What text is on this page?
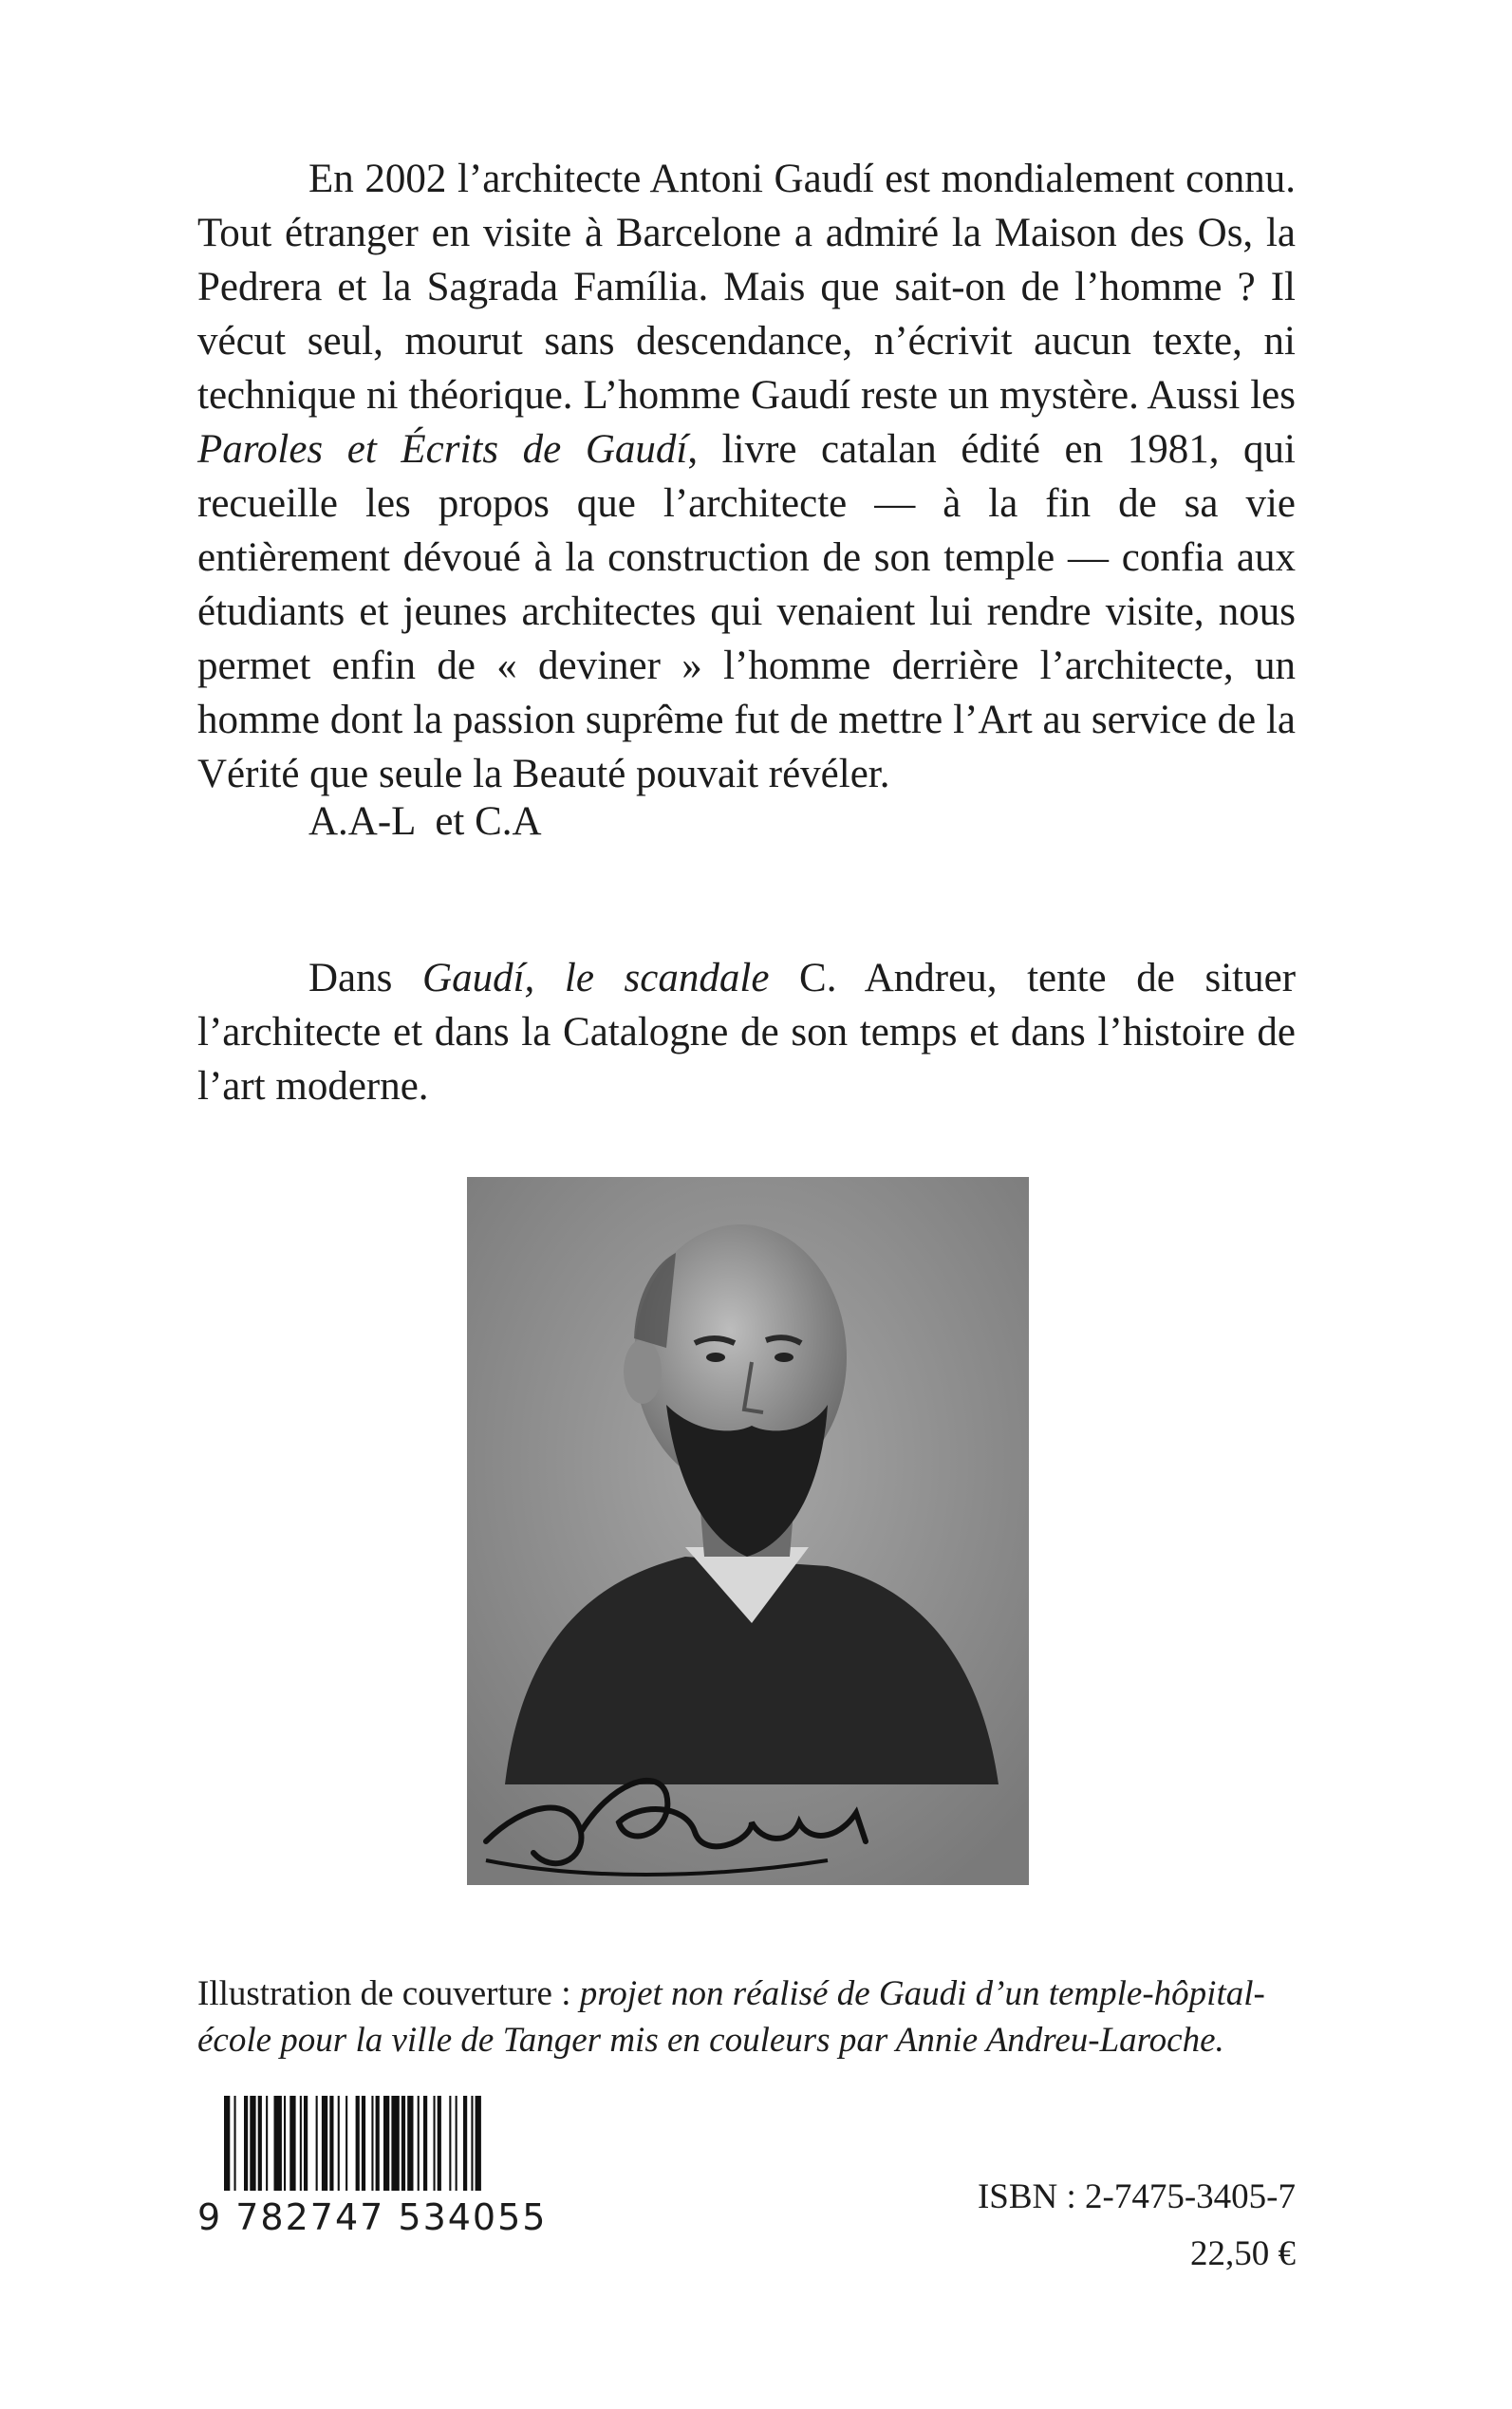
En 2002 l’architecte Antoni Gaudí est mondialement connu. Tout étranger en visite à Barcelone a admiré la Maison des Os, la Pedrera et la Sagrada Família. Mais que sait-on de l’homme ? Il vécut seul, mourut sans descendance, n’écrivit aucun texte, ni technique ni théorique. L’homme Gaudí reste un mystère. Aussi les Paroles et Écrits de Gaudí, livre catalan édité en 1981, qui recueille les propos que l’architecte — à la fin de sa vie entièrement dévoué à la construction de son temple — confia aux étudiants et jeunes architectes qui venaient lui rendre visite, nous permet enfin de « deviner » l’homme derrière l’architecte, un homme dont la passion suprême fut de mettre l’Art au service de la Vérité que seule la Beauté pouvait révéler.

A.A-L  et C.A

Dans Gaudí, le scandale C. Andreu, tente de situer l’architecte et dans la Catalogne de son temps et dans l’histoire de l’art moderne.

Illustration de couverture : projet non réalisé de Gaudi d’un temple-hôpital-école pour la ville de Tanger mis en couleurs par Annie Andreu-Laroche.

9 782747 534055	ISBN : 2-7475-3405-7

22,50 €
